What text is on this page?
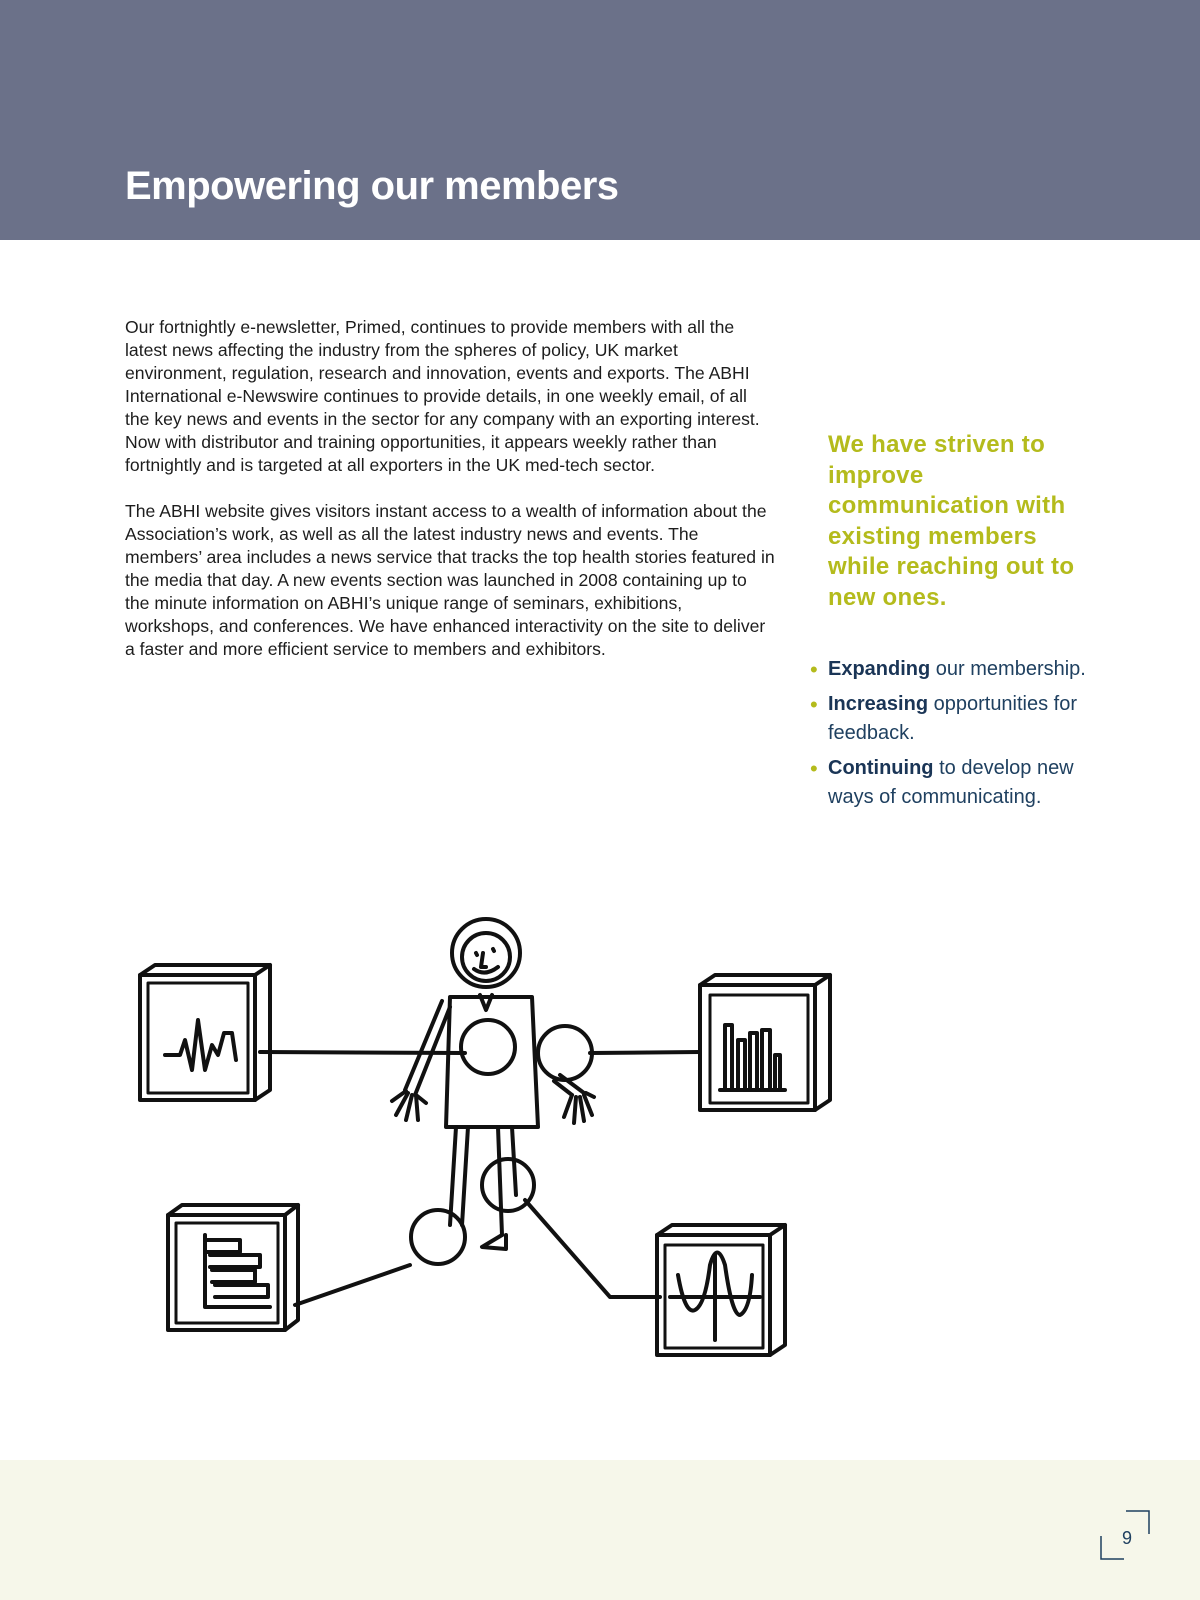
Empowering our members

Our fortnightly e-newsletter, Primed, continues to provide members with all the latest news affecting the industry from the spheres of policy, UK market environment, regulation, research and innovation, events and exports. The ABHI International e-Newswire continues to provide details, in one weekly email, of all the key news and events in the sector for any company with an exporting interest. Now with distributor and training opportunities, it appears weekly rather than fortnightly and is targeted at all exporters in the UK med-tech sector.

The ABHI website gives visitors instant access to a wealth of information about the Association’s work, as well as all the latest industry news and events. The members’ area includes a news service that tracks the top health stories featured in the media that day. A new events section was launched in 2008 containing up to the minute information on ABHI’s unique range of seminars, exhibitions, workshops, and conferences. We have enhanced interactivity on the site to deliver a faster and more efficient service to members and exhibitors.

We have striven to improve communication with existing members while reaching out to new ones.

• Expanding our membership.
• Increasing opportunities for feedback.
• Continuing to develop new ways of communicating.
9
